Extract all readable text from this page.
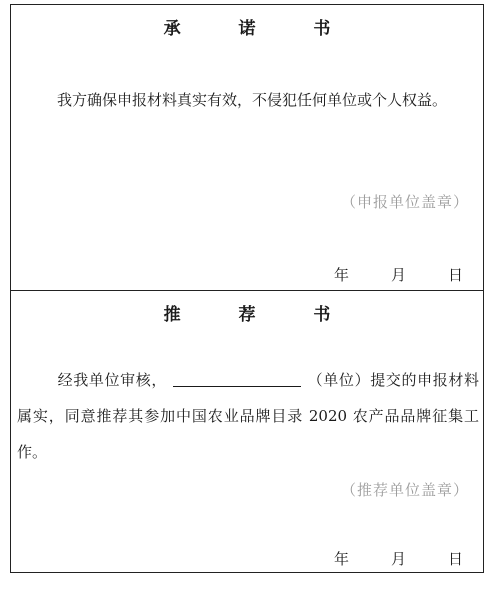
承 诺 书
我方确保申报材料真实有效，不侵犯任何单位或个人权益。
（申报单位盖章）
年	月	日
推 荐 书
经我单位审核，	（单位）提交的申报材料属实，同意推荐其参加中国农业品牌目录 2020 农产品品牌征集工作。
（推荐单位盖章）
年	月	日
